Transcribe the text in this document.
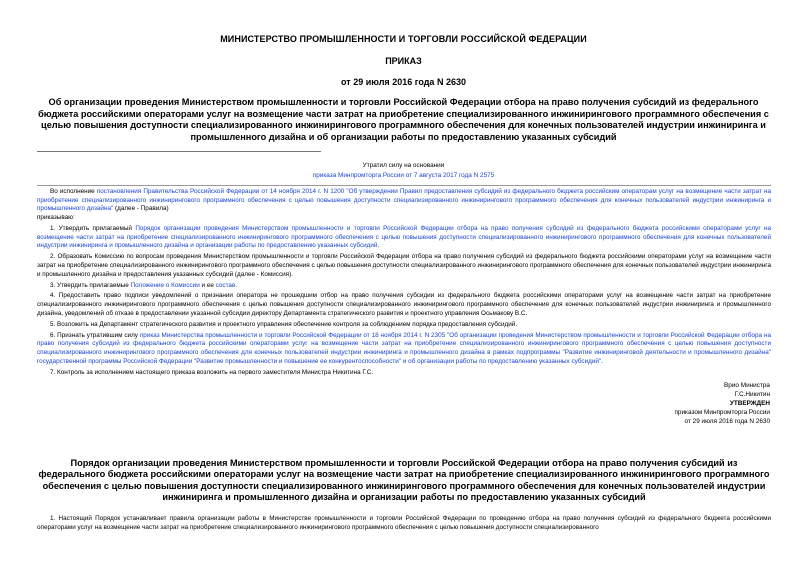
МИНИСТЕРСТВО ПРОМЫШЛЕННОСТИ И ТОРГОВЛИ РОССИЙСКОЙ ФЕДЕРАЦИИ
ПРИКАЗ
от 29 июля 2016 года N 2630
Об организации проведения Министерством промышленности и торговли Российской Федерации отбора на право получения субсидий из федерального бюджета российскими операторами услуг на возмещение части затрат на приобретение специализированного инжинирингового программного обеспечения с целью повышения доступности специализированного инжинирингового программного обеспечения для конечных пользователей индустрии инжиниринга и промышленного дизайна и об организации работы по предоставлению указанных субсидий
Утратил силу на основании
приказа Минпромторга России от 7 августа 2017 года N 2575

Во исполнение постановления Правительства Российской Федерации от 14 ноября 2014 г. N 1200 "Об утверждении Правил предоставления субсидий из федерального бюджета российским операторам услуг на возмещение части затрат на приобретение специализированного инжинирингового программного обеспечения с целью повышения доступности специализированного инжинирингового программного обеспечения для конечных пользователей индустрии инжиниринга и промышленного дизайна" (далее - Правила)

приказываю:

1. Утвердить прилагаемый Порядок организации проведения Министерством промышленности и торговли Российской Федерации отбора на право получения субсидий из федерального бюджета российскими операторами услуг на возмещение части затрат на приобретение специализированного инжинирингового программного обеспечения с целью повышения доступности специализированного инжинирингового программного обеспечения для конечных пользователей индустрии инжиниринга и промышленного дизайна и организации работы по предоставлению указанных субсидий.

2. Образовать Комиссию по вопросам проведения Министерством промышленности и торговли Российской Федерации отбора на право получения субсидий из федерального бюджета российскими операторами услуг на возмещение части затрат на приобретение специализированного инжинирингового программного обеспечения с целью повышения доступности специализированного инжинирингового программного обеспечения для конечных пользователей индустрии инжиниринга и промышленного дизайна и предоставления указанных субсидий (далее - Комиссия).

3. Утвердить прилагаемые Положение о Комиссии и ее состав.

4. Предоставить право подписи уведомлений о признании оператора не прошедшим отбор на право получения субсидии из федерального бюджета российскими операторами услуг на возмещение части затрат на приобретение специализированного инжинирингового программного обеспечения с целью повышения доступности специализированного инжинирингового программного обеспечения для конечных пользователей индустрии инжиниринга и промышленного дизайна, уведомлений об отказе в предоставлении указанной субсидии директору Департамента стратегического развития и проектного управления Осьмакову В.С.

5. Возложить на Департамент стратегического развития и проектного управления обеспечение контроля за соблюдением порядка предоставления субсидий.

6. Признать утратившим силу приказ Министерства промышленности и торговли Российской Федерации от 18 ноября 2014 г. N 2305 "Об организации проведения Министерством промышленности и торговли Российской Федерации отбора на право получения субсидий из федерального бюджета российскими операторами услуг на возмещение части затрат на приобретение специализированного инжинирингового программного обеспечения с целью повышения доступности специализированного инжинирингового программного обеспечения для конечных пользователей индустрии инжиниринга и промышленного дизайна в рамках подпрограммы "Развитие инжиниринговой деятельности и промышленного дизайна" государственной программы Российской Федерации "Развитие промышленности и повышение ее конкурентоспособности" и об организации работы по предоставлению указанных субсидий".

7. Контроль за исполнением настоящего приказа возложить на первого заместителя Министра Никитина Г.С.

Врио Министра
Г.С.Никитин
УТВЕРЖДЕН
приказом Минпромторга России
от 29 июля 2016 года N 2630
Порядок организации проведения Министерством промышленности и торговли Российской Федерации отбора на право получения субсидий из федерального бюджета российскими операторами услуг на возмещение части затрат на приобретение специализированного инжинирингового программного обеспечения с целью повышения доступности специализированного инжинирингового программного обеспечения для конечных пользователей индустрии инжиниринга и промышленного дизайна и организации работы по предоставлению указанных субсидий
1. Настоящий Порядок устанавливает правила организации работы в Министерстве промышленности и торговли Российской Федерации по проведению отбора на право получения субсидий из федерального бюджета российскими операторами услуг на возмещение части затрат на приобретение специализированного инжинирингового программного обеспечения с целью повышения доступности специализированного
